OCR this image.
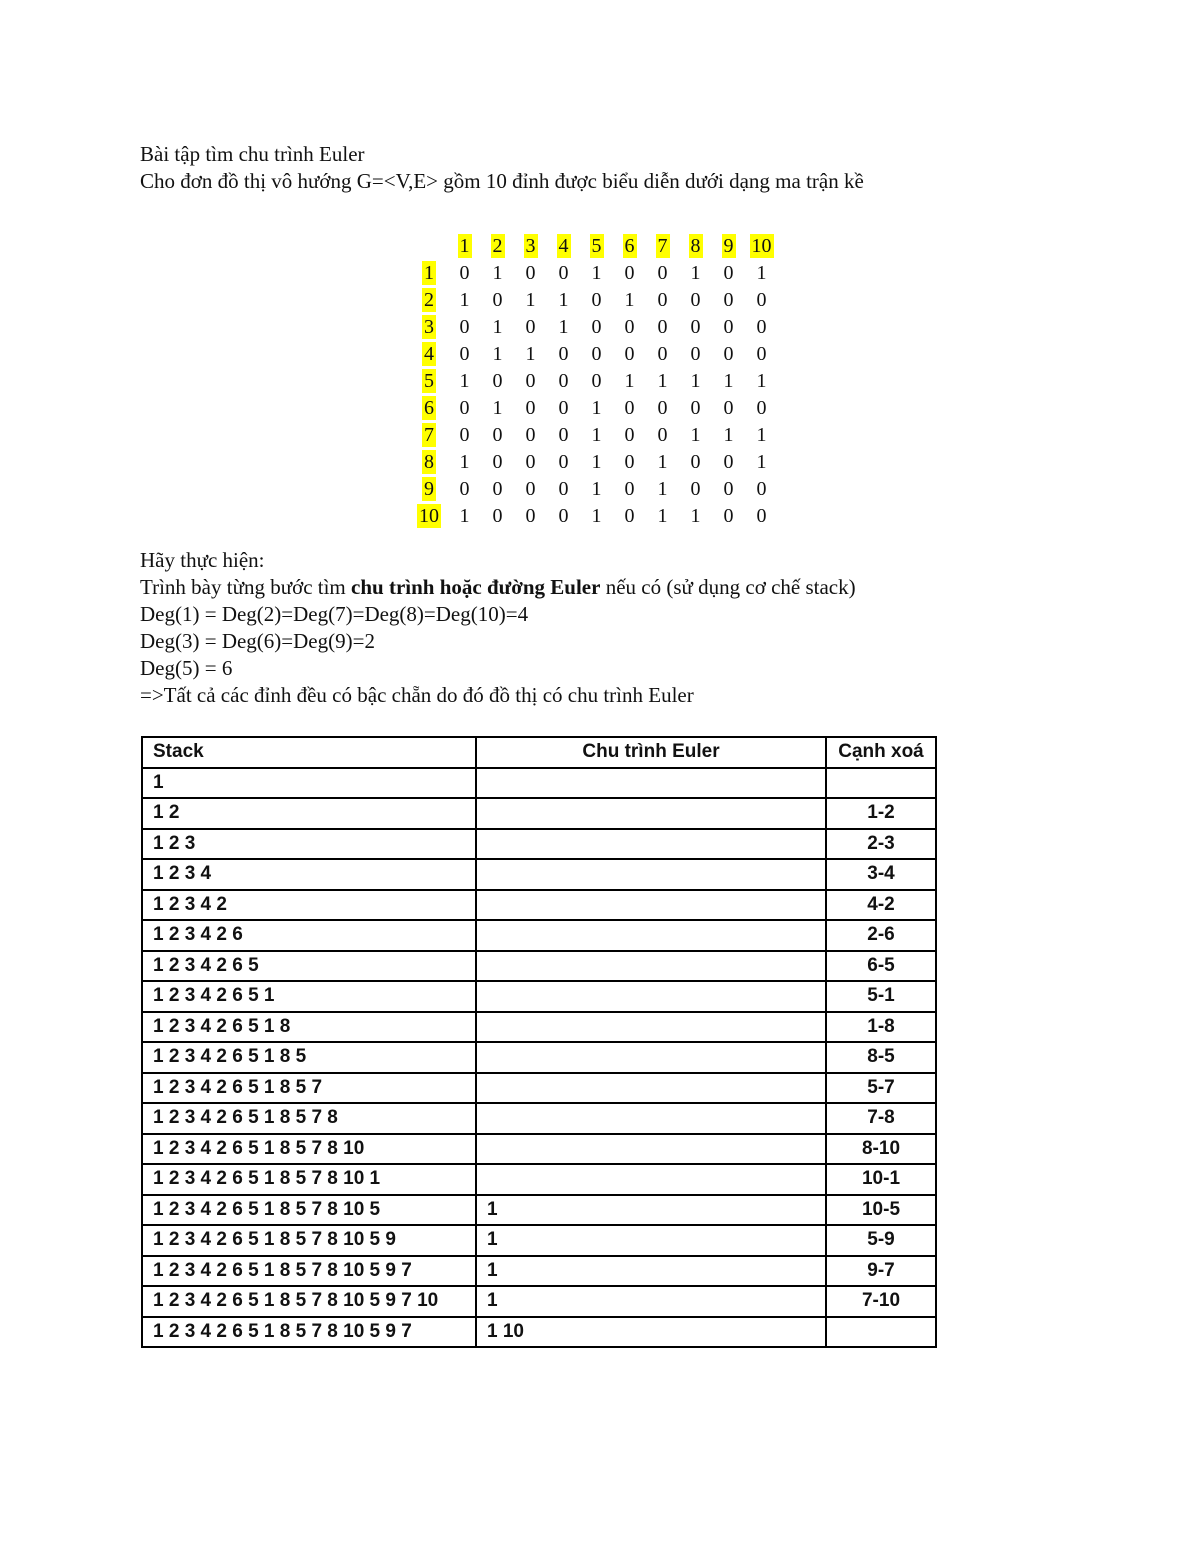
Bài tập tìm chu trình Euler
Cho đơn đồ thị vô hướng G=<V,E> gồm 10 đỉnh được biểu diễn dưới dạng ma trận kề
	1	2	3	4	5	6	7	8	9	10
1	0	1	0	0	1	0	0	1	0	1
2	1	0	1	1	0	1	0	0	0	0
3	0	1	0	1	0	0	0	0	0	0
4	0	1	1	0	0	0	0	0	0	0
5	1	0	0	0	0	1	1	1	1	1
6	0	1	0	0	1	0	0	0	0	0
7	0	0	0	0	1	0	0	1	1	1
8	1	0	0	0	1	0	1	0	0	1
9	0	0	0	0	1	0	1	0	0	0
10	1	0	0	0	1	0	1	1	0	0
Hãy thực hiện:
Trình bày từng bước tìm chu trình hoặc đường Euler nếu có (sử dụng cơ chế stack)
Deg(1) = Deg(2)=Deg(7)=Deg(8)=Deg(10)=4
Deg(3) = Deg(6)=Deg(9)=2
Deg(5) = 6
=>Tất cả các đỉnh đều có bậc chẵn do đó đồ thị có chu trình Euler
Stack	Chu trình Euler	Cạnh xoá
1		
1 2		1-2
1 2 3		2-3
1 2 3 4		3-4
1 2 3 4 2		4-2
1 2 3 4 2 6		2-6
1 2 3 4 2 6 5		6-5
1 2 3 4 2 6 5 1		5-1
1 2 3 4 2 6 5 1 8		1-8
1 2 3 4 2 6 5 1 8 5		8-5
1 2 3 4 2 6 5 1 8 5 7		5-7
1 2 3 4 2 6 5 1 8 5 7 8		7-8
1 2 3 4 2 6 5 1 8 5 7 8 10		8-10
1 2 3 4 2 6 5 1 8 5 7 8 10 1		10-1
1 2 3 4 2 6 5 1 8 5 7 8 10 5	1	10-5
1 2 3 4 2 6 5 1 8 5 7 8 10 5 9	1	5-9
1 2 3 4 2 6 5 1 8 5 7 8 10 5 9 7	1	9-7
1 2 3 4 2 6 5 1 8 5 7 8 10 5 9 7 10	1	7-10
1 2 3 4 2 6 5 1 8 5 7 8 10 5 9 7	1 10	
